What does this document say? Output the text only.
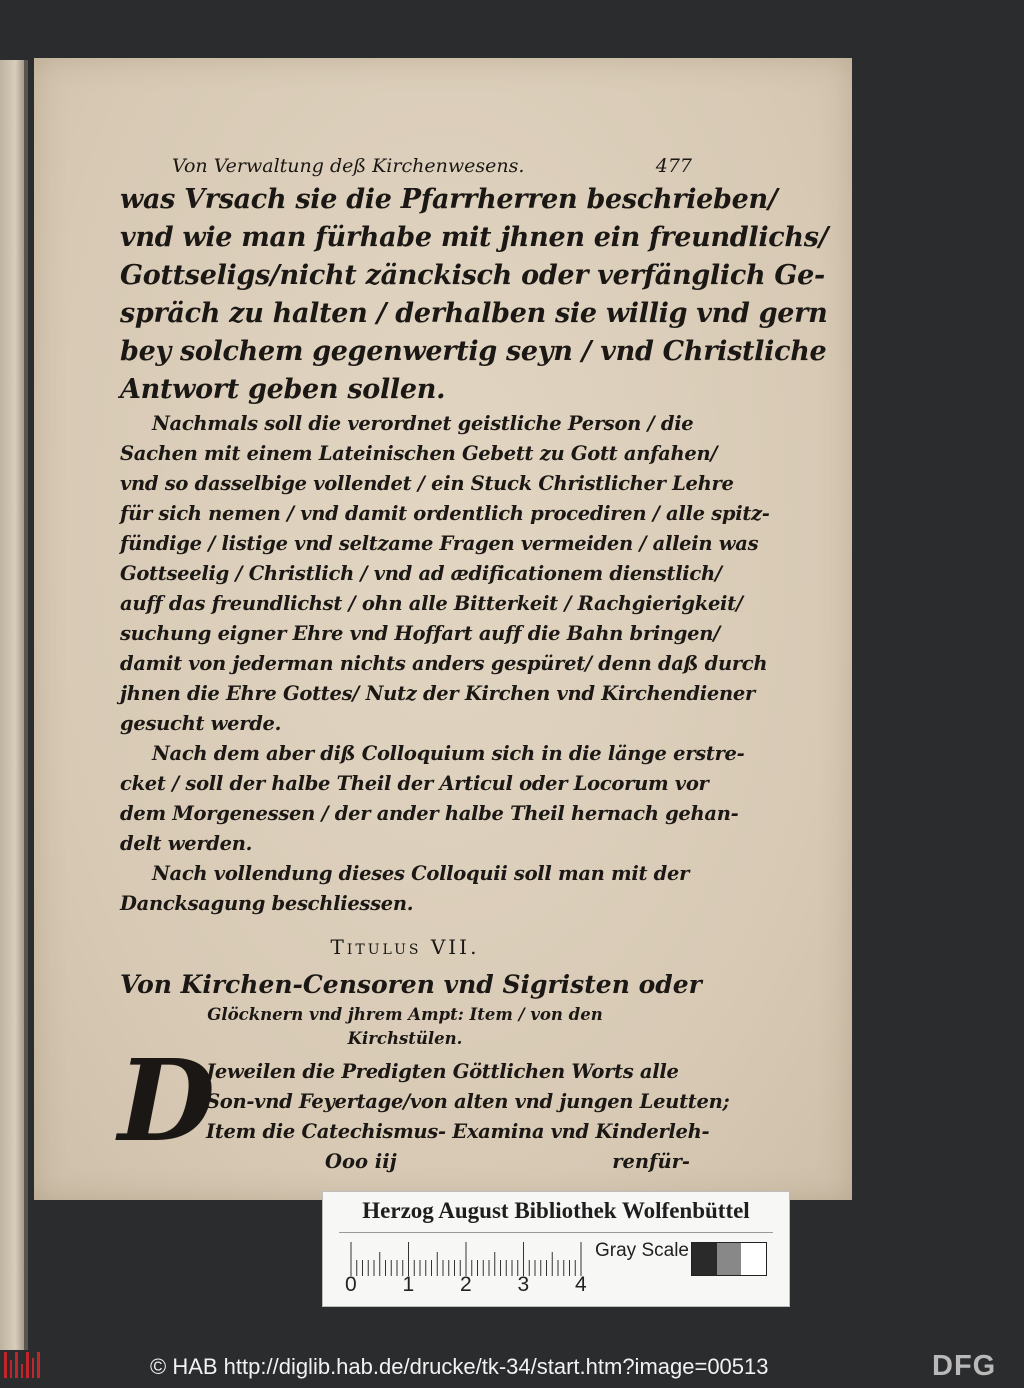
Von Verwaltung deß Kirchenwesens.	477
was Vrsach sie die Pfarrherren beschrieben/
vnd wie man fürhabe mit jhnen ein freundlichs/
Gottseligs/nicht zänckisch oder verfänglich Ge-
spräch zu halten / derhalben sie willig vnd gern
bey solchem gegenwertig seyn / vnd Christliche
Antwort geben sollen.
Nachmals soll die verordnet geistliche Person / die
Sachen mit einem Lateinischen Gebett zu Gott anfahen/
vnd so dasselbige vollendet / ein Stuck Christlicher Lehre
für sich nemen / vnd damit ordentlich procediren / alle spitz-
fündige / listige vnd seltzame Fragen vermeiden / allein was
Gottseelig / Christlich / vnd ad ædificationem dienstlich/
auff das freundlichst / ohn alle Bitterkeit / Rachgierigkeit/
suchung eigner Ehre vnd Hoffart auff die Bahn bringen/
damit von jederman nichts anders gespüret/ denn daß durch
jhnen die Ehre Gottes/ Nutz der Kirchen vnd Kirchendiener
gesucht werde.
Nach dem aber diß Colloquium sich in die länge erstre-
cket / soll der halbe Theil der Articul oder Locorum vor
dem Morgenessen / der ander halbe Theil hernach gehan-
delt werden.
Nach vollendung dieses Colloquii soll man mit der
Dancksagung beschliessen.
Titulus VII.
Von Kirchen-Censoren vnd Sigristen oder
Glöcknern vnd jhrem Ampt: Item / von den
Kirchstülen.
D
Jeweilen die Predigten Göttlichen Worts alle
Son-vnd Feyertage/von alten vnd jungen Leutten;
Item die Catechismus- Examina vnd Kinderleh-
Ooo iij	renfür-
Herzog August Bibliothek Wolfenbüttel
0 1 2 3 4
Gray Scale
© HAB http://diglib.hab.de/drucke/tk-34/start.htm?image=00513	DFG
